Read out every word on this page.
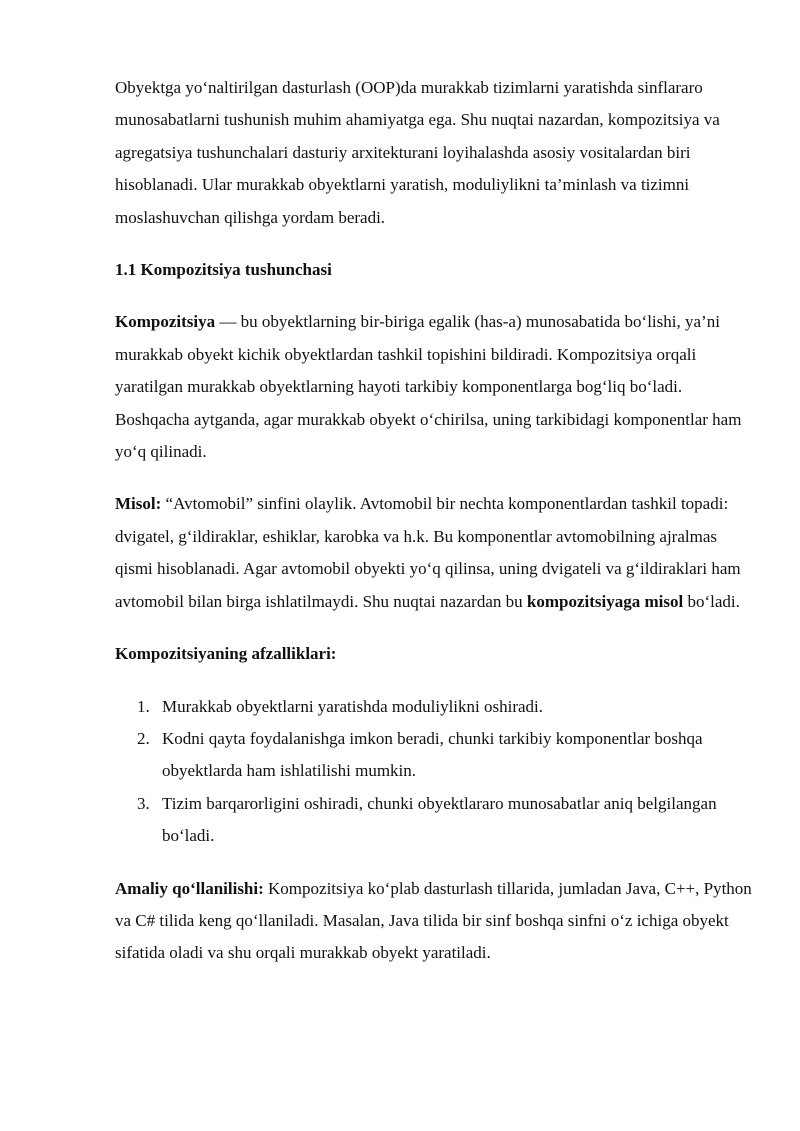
Obyektga yo‘naltirilgan dasturlash (OOP)da murakkab tizimlarni yaratishda sinflararo munosabatlarni tushunish muhim ahamiyatga ega. Shu nuqtai nazardan, kompozitsiya va agregatsiya tushunchalari dasturiy arxitekturani loyihalashda asosiy vositalardan biri hisoblanadi. Ular murakkab obyektlarni yaratish, moduliylikni ta’minlash va tizimni moslashuvchan qilishga yordam beradi.

1.1 Kompozitsiya tushunchasi

Kompozitsiya — bu obyektlarning bir-biriga egalik (has-a) munosabatida bo‘lishi, ya’ni murakkab obyekt kichik obyektlardan tashkil topishini bildiradi. Kompozitsiya orqali yaratilgan murakkab obyektlarning hayoti tarkibiy komponentlarga bog‘liq bo‘ladi. Boshqacha aytganda, agar murakkab obyekt o‘chirilsa, uning tarkibidagi komponentlar ham yo‘q qilinadi.

Misol: “Avtomobil” sinfini olaylik. Avtomobil bir nechta komponentlardan tashkil topadi: dvigatel, g‘ildiraklar, eshiklar, karobka va h.k. Bu komponentlar avtomobilning ajralmas qismi hisoblanadi. Agar avtomobil obyekti yo‘q qilinsa, uning dvigateli va g‘ildiraklari ham avtomobil bilan birga ishlatilmaydi. Shu nuqtai nazardan bu kompozitsiyaga misol bo‘ladi.

Kompozitsiyaning afzalliklari:

1. Murakkab obyektlarni yaratishda moduliylikni oshiradi.
2. Kodni qayta foydalanishga imkon beradi, chunki tarkibiy komponentlar boshqa obyektlarda ham ishlatilishi mumkin.
3. Tizim barqarorligini oshiradi, chunki obyektlararo munosabatlar aniq belgilangan bo‘ladi.

Amaliy qo‘llanilishi: Kompozitsiya ko‘plab dasturlash tillarida, jumladan Java, C++, Python va C# tilida keng qo‘llaniladi. Masalan, Java tilida bir sinf boshqa sinfni o‘z ichiga obyekt sifatida oladi va shu orqali murakkab obyekt yaratiladi.
